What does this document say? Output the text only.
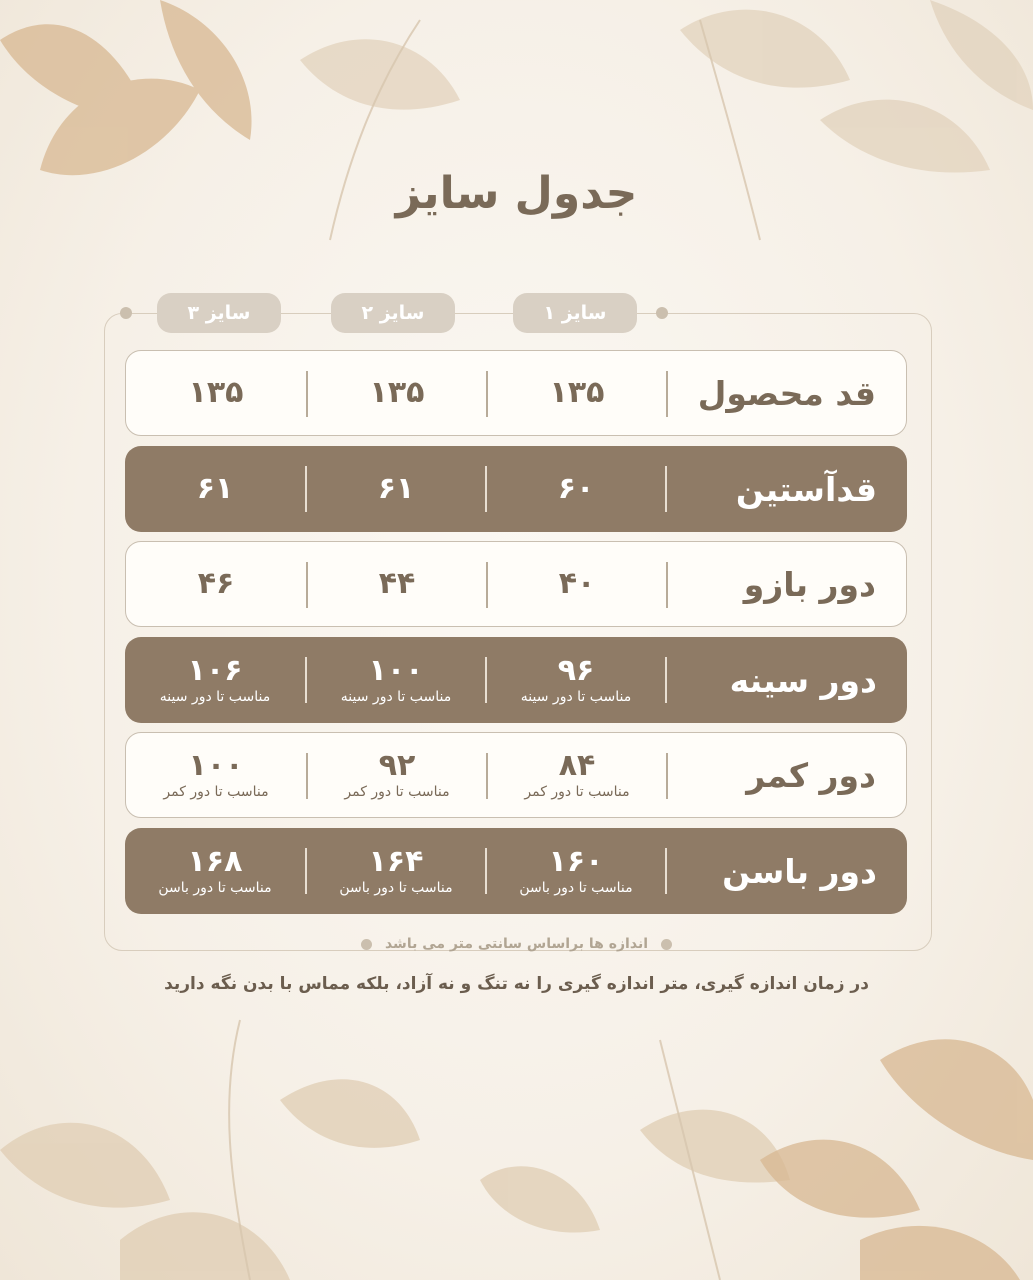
جدول سایز
سایز ۱
سایز ۲
سایز ۳
قد محصول
۱۳۵
۱۳۵
۱۳۵
قدآستین
۶۰
۶۱
۶۱
دور بازو
۴۰
۴۴
۴۶
دور سینه
۹۶
مناسب تا دور سینه
۱۰۰
مناسب تا دور سینه
۱۰۶
مناسب تا دور سینه
دور کمر
۸۴
مناسب تا دور کمر
۹۲
مناسب تا دور کمر
۱۰۰
مناسب تا دور کمر
دور باسن
۱۶۰
مناسب تا دور باسن
۱۶۴
مناسب تا دور باسن
۱۶۸
مناسب تا دور باسن
اندازه ها براساس سانتی متر می باشد
در زمان اندازه گیری، متر اندازه گیری را نه تنگ و نه آزاد، بلکه مماس با بدن نگه دارید
